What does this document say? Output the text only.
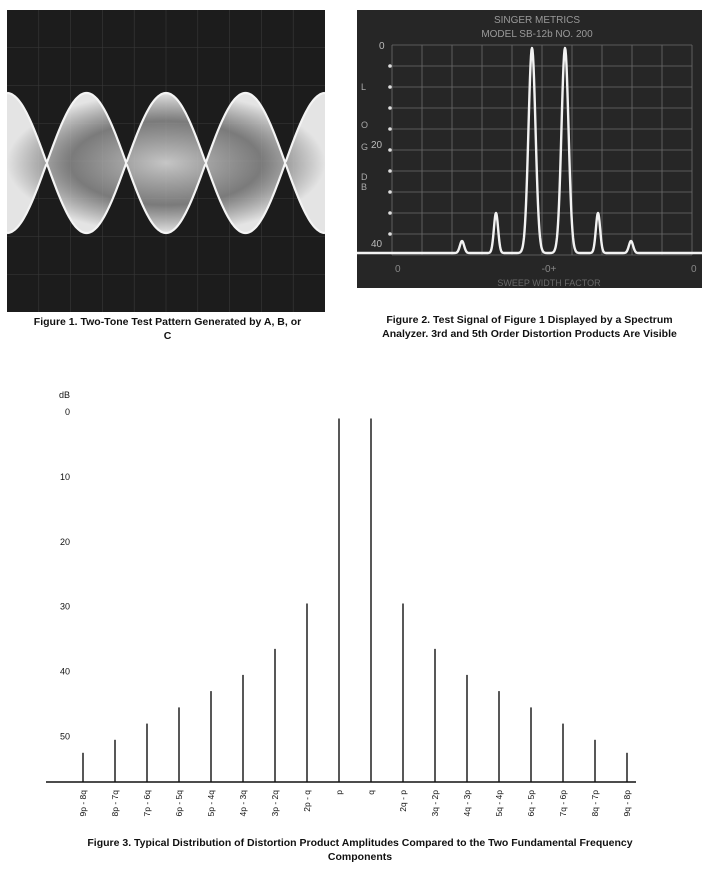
Figure 1. Two-Tone Test Pattern Generated by A, B, or C
SINGER METRICS
MODEL SB-12b NO. 200
0
20
40
L
O
G
D
B
0	-0+	0
SWEEP WIDTH FACTOR
Figure 2. Test Signal of Figure 1 Displayed by a Spectrum Analyzer. 3rd and 5th Order Distortion Products Are Visible
dB
0
10
20
30
40
50
9p - 8q	8p - 7q	7p - 6q	6p - 5q	5p - 4q	4p - 3q	3p - 2q	2p - q	p	q	2q - p	3q - 2p	4q - 3p	5q - 4p	6q - 5p	7q - 6p	8q - 7p	9q - 8p
Figure 3. Typical Distribution of Distortion Product Amplitudes Compared to the Two Fundamental Frequency Components
